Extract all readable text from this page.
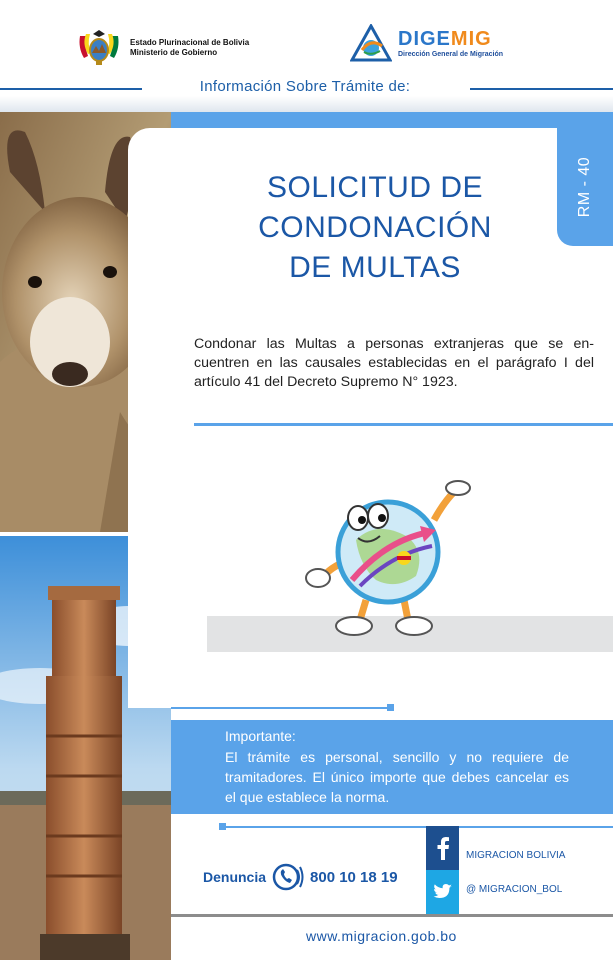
Estado Plurinacional de Bolivia
Ministerio de Gobierno
DIGEMIG
Dirección General de Migración
Información Sobre Trámite de:
RM - 40
SOLICITUD DE
CONDONACIÓN
DE MULTAS
Condonar las Multas a personas extranjeras que se en-cuentren en las causales establecidas en el parágrafo I del artículo 41 del Decreto Supremo N° 1923.
Importante:
El trámite es personal, sencillo y no requiere de tramitadores. El único importe que debes cancelar es el que establece la norma.
Denuncia	800 10 18 19
MIGRACION BOLIVIA
@ MIGRACION_BOL
www.migracion.gob.bo
